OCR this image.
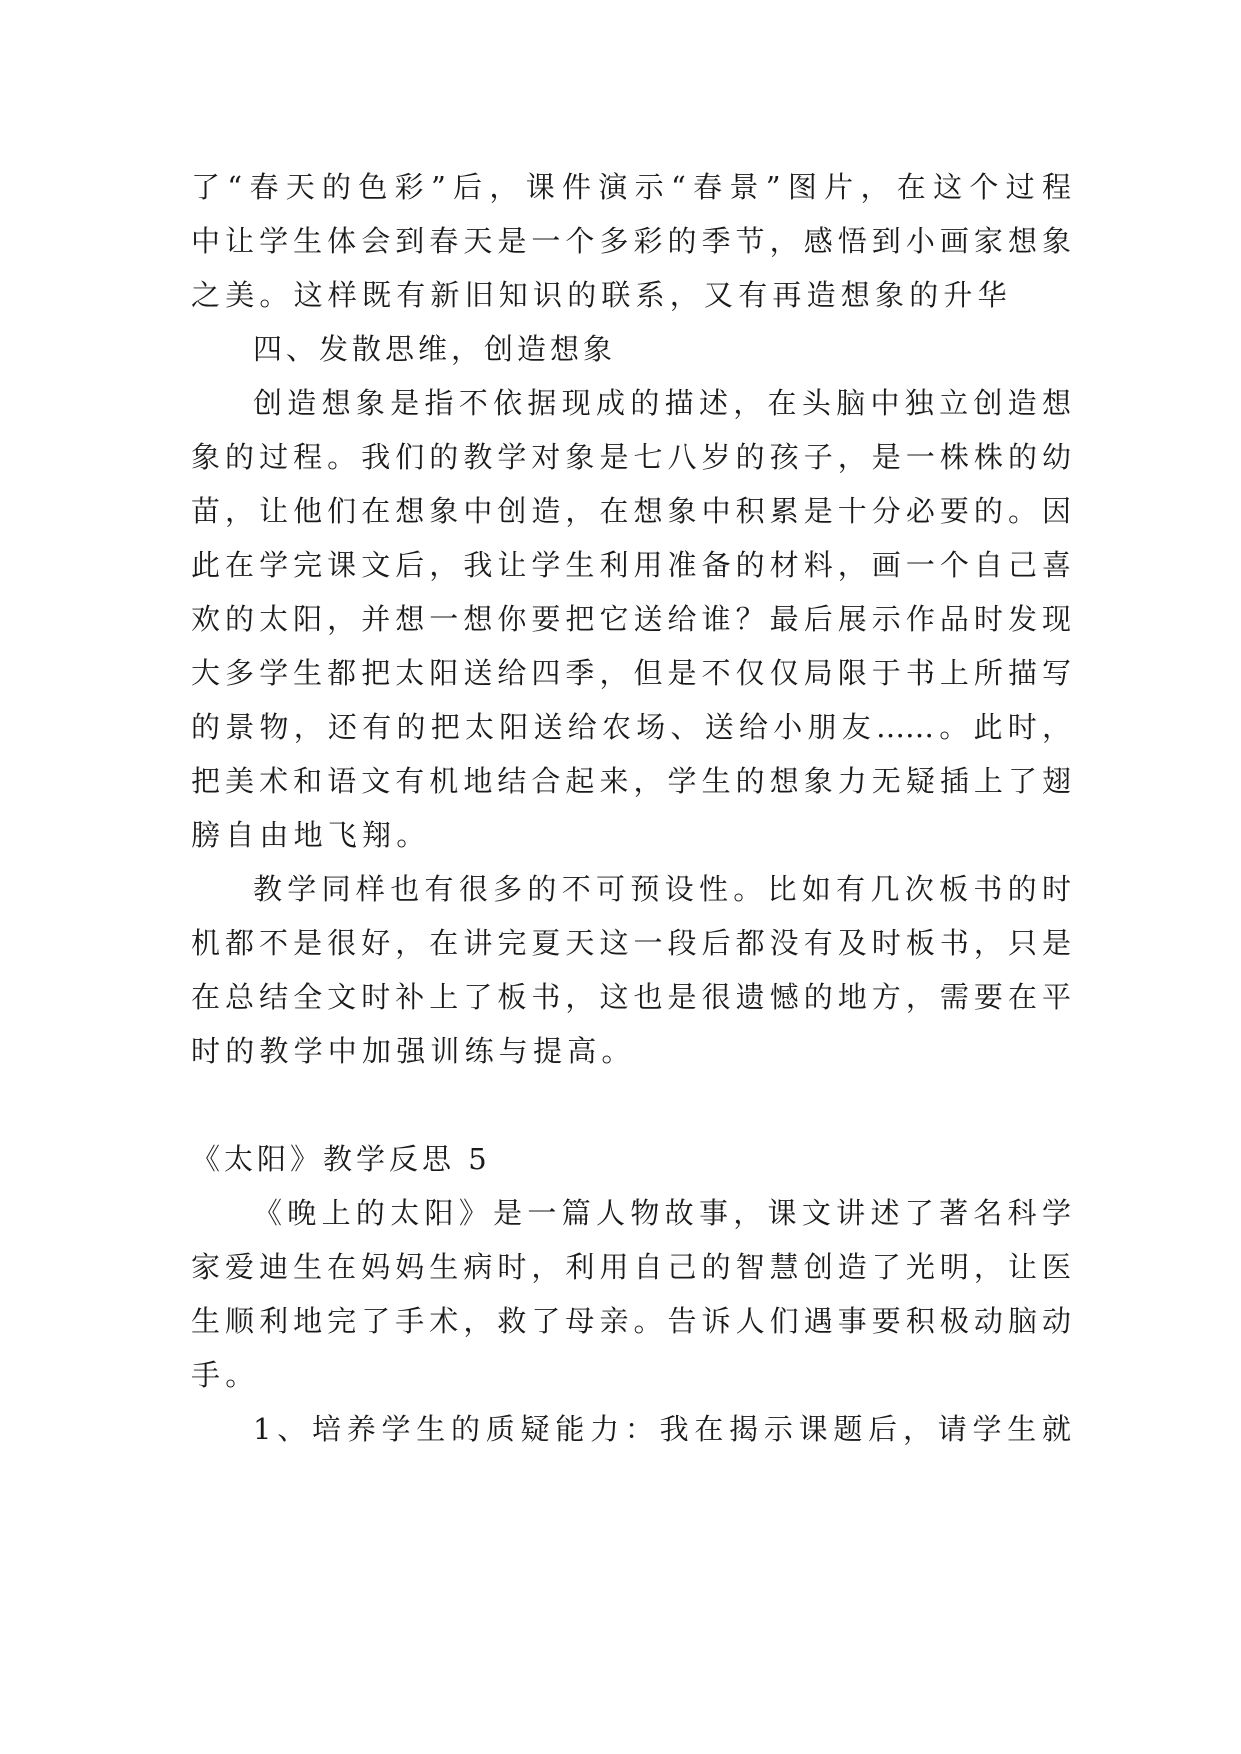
了“春天的色彩”后，课件演示“春景”图片，在这个过程
中让学生体会到春天是一个多彩的季节，感悟到小画家想象
之美。这样既有新旧知识的联系，又有再造想象的升华
四、发散思维，创造想象
创造想象是指不依据现成的描述，在头脑中独立创造想
象的过程。我们的教学对象是七八岁的孩子，是一株株的幼
苗，让他们在想象中创造，在想象中积累是十分必要的。因
此在学完课文后，我让学生利用准备的材料，画一个自己喜
欢的太阳，并想一想你要把它送给谁？最后展示作品时发现
大多学生都把太阳送给四季，但是不仅仅局限于书上所描写
的景物，还有的把太阳送给农场、送给小朋友……。此时，
把美术和语文有机地结合起来，学生的想象力无疑插上了翅
膀自由地飞翔。
教学同样也有很多的不可预设性。比如有几次板书的时
机都不是很好，在讲完夏天这一段后都没有及时板书，只是
在总结全文时补上了板书，这也是很遗憾的地方，需要在平
时的教学中加强训练与提高。
《太阳》教学反思 5
《晚上的太阳》是一篇人物故事，课文讲述了著名科学
家爱迪生在妈妈生病时，利用自己的智慧创造了光明，让医
生顺利地完了手术，救了母亲。告诉人们遇事要积极动脑动
手。
1、培养学生的质疑能力：我在揭示课题后，请学生就
